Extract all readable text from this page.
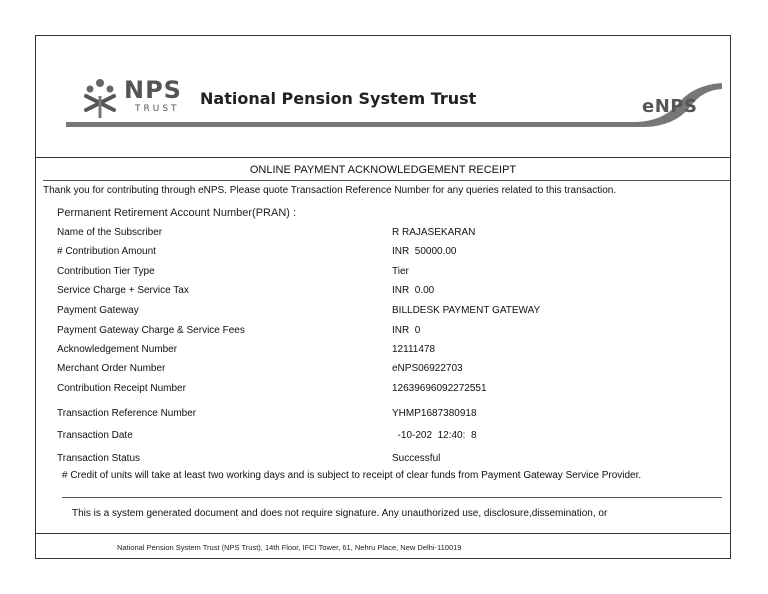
NPS
TRUST
National Pension System Trust	eNPS
ONLINE PAYMENT ACKNOWLEDGEMENT RECEIPT
Thank you for contributing through eNPS. Please quote Transaction Reference Number for any queries related to this transaction.
Permanent Retirement Account Number(PRAN) :
Name of the Subscriber	R RAJASEKARAN
# Contribution Amount	INR  50000.00
Contribution Tier Type	Tier
Service Charge + Service Tax	INR  0.00
Payment Gateway	BILLDESK PAYMENT GATEWAY
Payment Gateway Charge & Service Fees	INR  0
Acknowledgement Number	12111478
Merchant Order Number	eNPS06922703
Contribution Receipt Number	12639696092272551
Transaction Reference Number	YHMP1687380918
Transaction Date	-10-202  12:40:  8
Transaction Status	Successful
# Credit of units will take at least two working days and is subject to receipt of clear funds from Payment Gateway Service Provider.
This is a system generated document and does not require signature. Any unauthorized use, disclosure,dissemination, or
National Pension System Trust (NPS Trust), 14th Floor, IFCI Tower, 61, Nehru Place, New Delhi-110019
